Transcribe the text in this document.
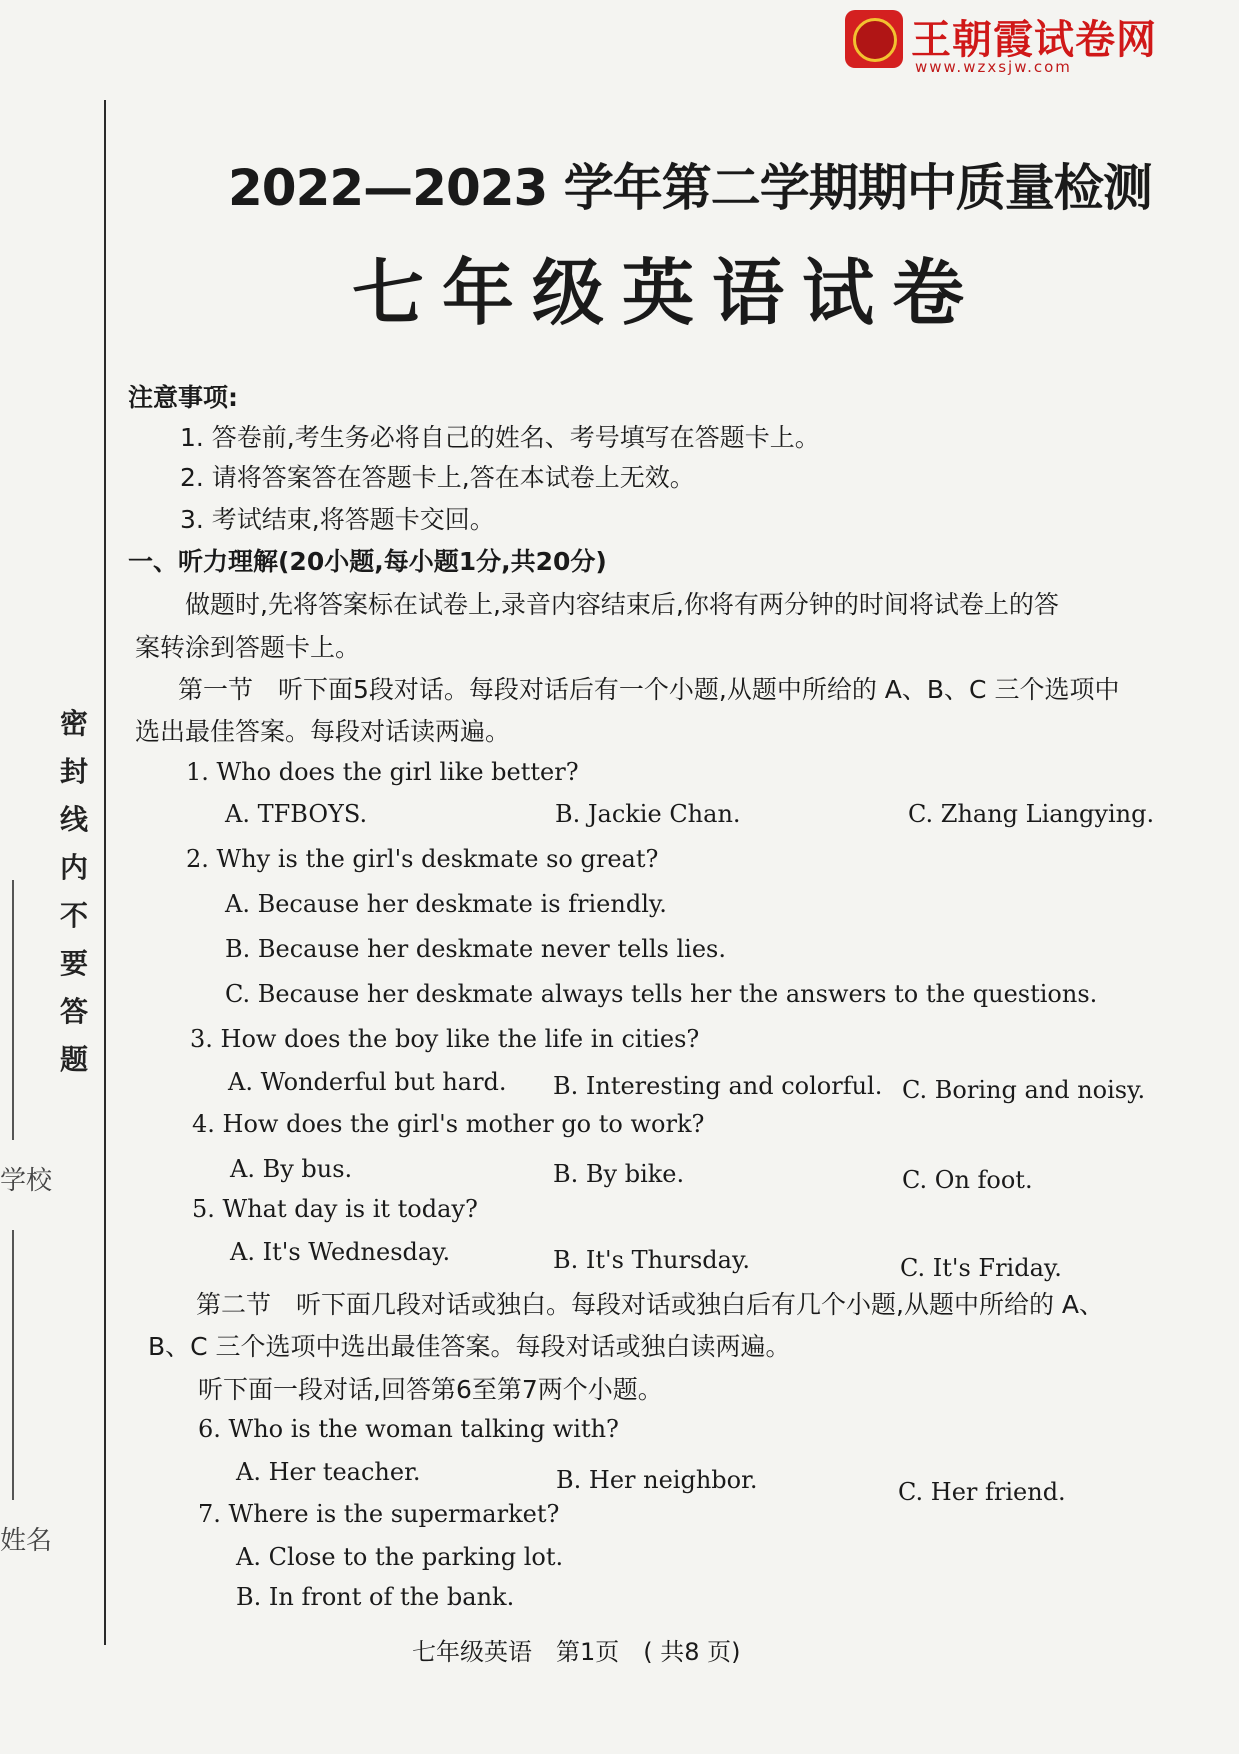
王朝霞试卷网
www.wzxsjw.com
密
封
线
内
不
要
答
题
学校
姓名
2022—2023 学年第二学期期中质量检测
七年级英语试卷
注意事项:
1. 答卷前,考生务必将自己的姓名、考号填写在答题卡上。
2. 请将答案答在答题卡上,答在本试卷上无效。
3. 考试结束,将答题卡交回。
一、听力理解(20小题,每小题1分,共20分)
做题时,先将答案标在试卷上,录音内容结束后,你将有两分钟的时间将试卷上的答
案转涂到答题卡上。
第一节　听下面5段对话。每段对话后有一个小题,从题中所给的 A、B、C 三个选项中
选出最佳答案。每段对话读两遍。
1. Who does the girl like better?
A. TFBOYS.	B. Jackie Chan.	C. Zhang Liangying.
2. Why is the girl's deskmate so great?
A. Because her deskmate is friendly.
B. Because her deskmate never tells lies.
C. Because her deskmate always tells her the answers to the questions.
3. How does the boy like the life in cities?
A. Wonderful but hard. B. Interesting and colorful. C. Boring and noisy.
4. How does the girl's mother go to work?
A. By bus.	B. By bike.	C. On foot.
5. What day is it today?
A. It's Wednesday.	B. It's Thursday.	C. It's Friday.
第二节　听下面几段对话或独白。每段对话或独白后有几个小题,从题中所给的 A、
B、C 三个选项中选出最佳答案。每段对话或独白读两遍。
听下面一段对话,回答第6至第7两个小题。
6. Who is the woman talking with?
A. Her teacher.	B. Her neighbor.	C. Her friend.
7. Where is the supermarket?
A. Close to the parking lot.
B. In front of the bank.
七年级英语　第1页　( 共8 页)
